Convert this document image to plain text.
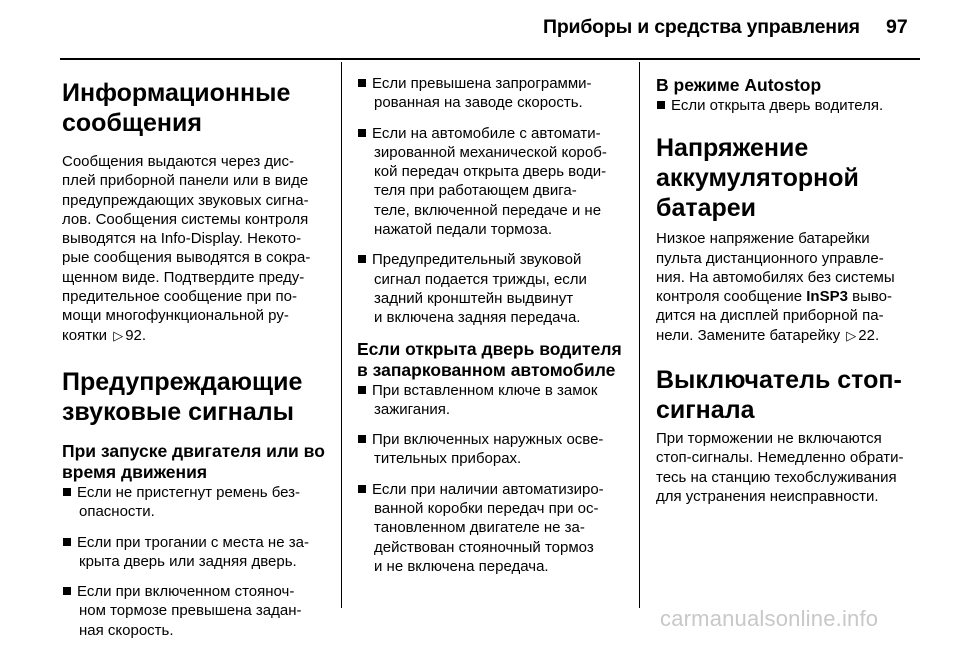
Приборы и средства управления 97
Информационные
сообщения

Сообщения выдаются через дис-
плей приборной панели или в виде
предупреждающих звуковых сигна-
лов. Сообщения системы контроля
выводятся на Info-Display. Некото-
рые сообщения выводятся в сокра-
щенном виде. Подтвердите преду-
предительное сообщение при по-
мощи многофункциональной ру-
коятки ▷ 92.

Предупреждающие
звуковые сигналы
При запуске двигателя или во
время движения
Если не пристегнут ремень без-
опасности.
Если при трогании с места не за-
крыта дверь или задняя дверь.
Если при включенном стояноч-
ном тормозе превышена задан-
ная скорость.
Если превышена запрограмми-
рованная на заводе скорость.
Если на автомобиле с автомати-
зированной механической короб-
кой передач открыта дверь води-
теля при работающем двига-
теле, включенной передаче и не
нажатой педали тормоза.
Предупредительный звуковой
сигнал подается трижды, если
задний кронштейн выдвинут
и включена задняя передача.
Если открыта дверь водителя
в запаркованном автомобиле
При вставленном ключе в замок
зажигания.
При включенных наружных осве-
тительных приборах.
Если при наличии автоматизиро-
ванной коробки передач при ос-
тановленном двигателе не за-
действован стояночный тормоз
и не включена передача.
В режиме Autostop
Если открыта дверь водителя.
Напряжение
аккумуляторной батареи

Низкое напряжение батарейки
пульта дистанционного управле-
ния. На автомобилях без системы
контроля сообщение InSP3 выво-
дится на дисплей приборной па-
нели. Замените батарейку ▷ 22.

Выключатель стоп-
сигнала

При торможении не включаются
стоп-сигналы. Немедленно обрати-
тесь на станцию техобслуживания
для устранения неисправности.

carmanualsonline.info
